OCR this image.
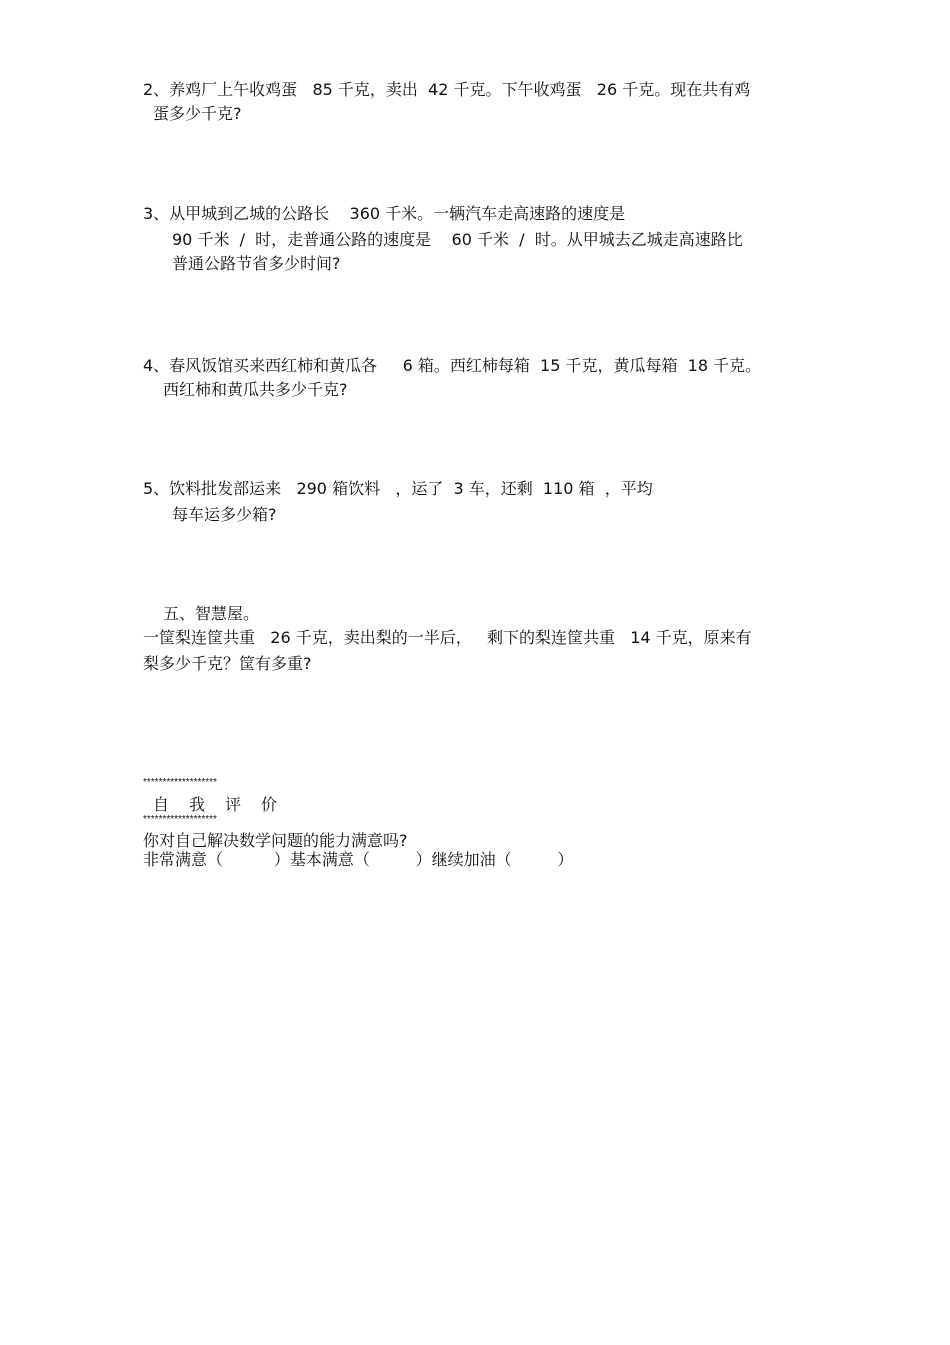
2、养鸡厂上午收鸡蛋   85 千克，卖出  42 千克。下午收鸡蛋   26 千克。现在共有鸡

蛋多少千克?

3、从甲城到乙城的公路长    360 千米。一辆汽车走高速路的速度是

90 千米  /  时，走普通公路的速度是    60 千米  /  时。从甲城去乙城走高速路比

普通公路节省多少时间?

4、春风饭馆买来西红柿和黄瓜各     6 箱。西红柿每箱  15 千克，黄瓜每箱  18 千克。

西红柿和黄瓜共多少千克?

5、饮料批发部运来   290 箱饮料   ，运了  3 车，还剩  110 箱  ，平均

每车运多少箱?

五、智慧屋。

一筐梨连筐共重   26 千克，卖出梨的一半后，   剩下的梨连筐共重   14 千克，原来有

梨多少千克？筐有多重?

*******************

自我评价

*******************

你对自己解决数学问题的能力满意吗?

非常满意（          ）基本满意（         ）继续加油（         ）
